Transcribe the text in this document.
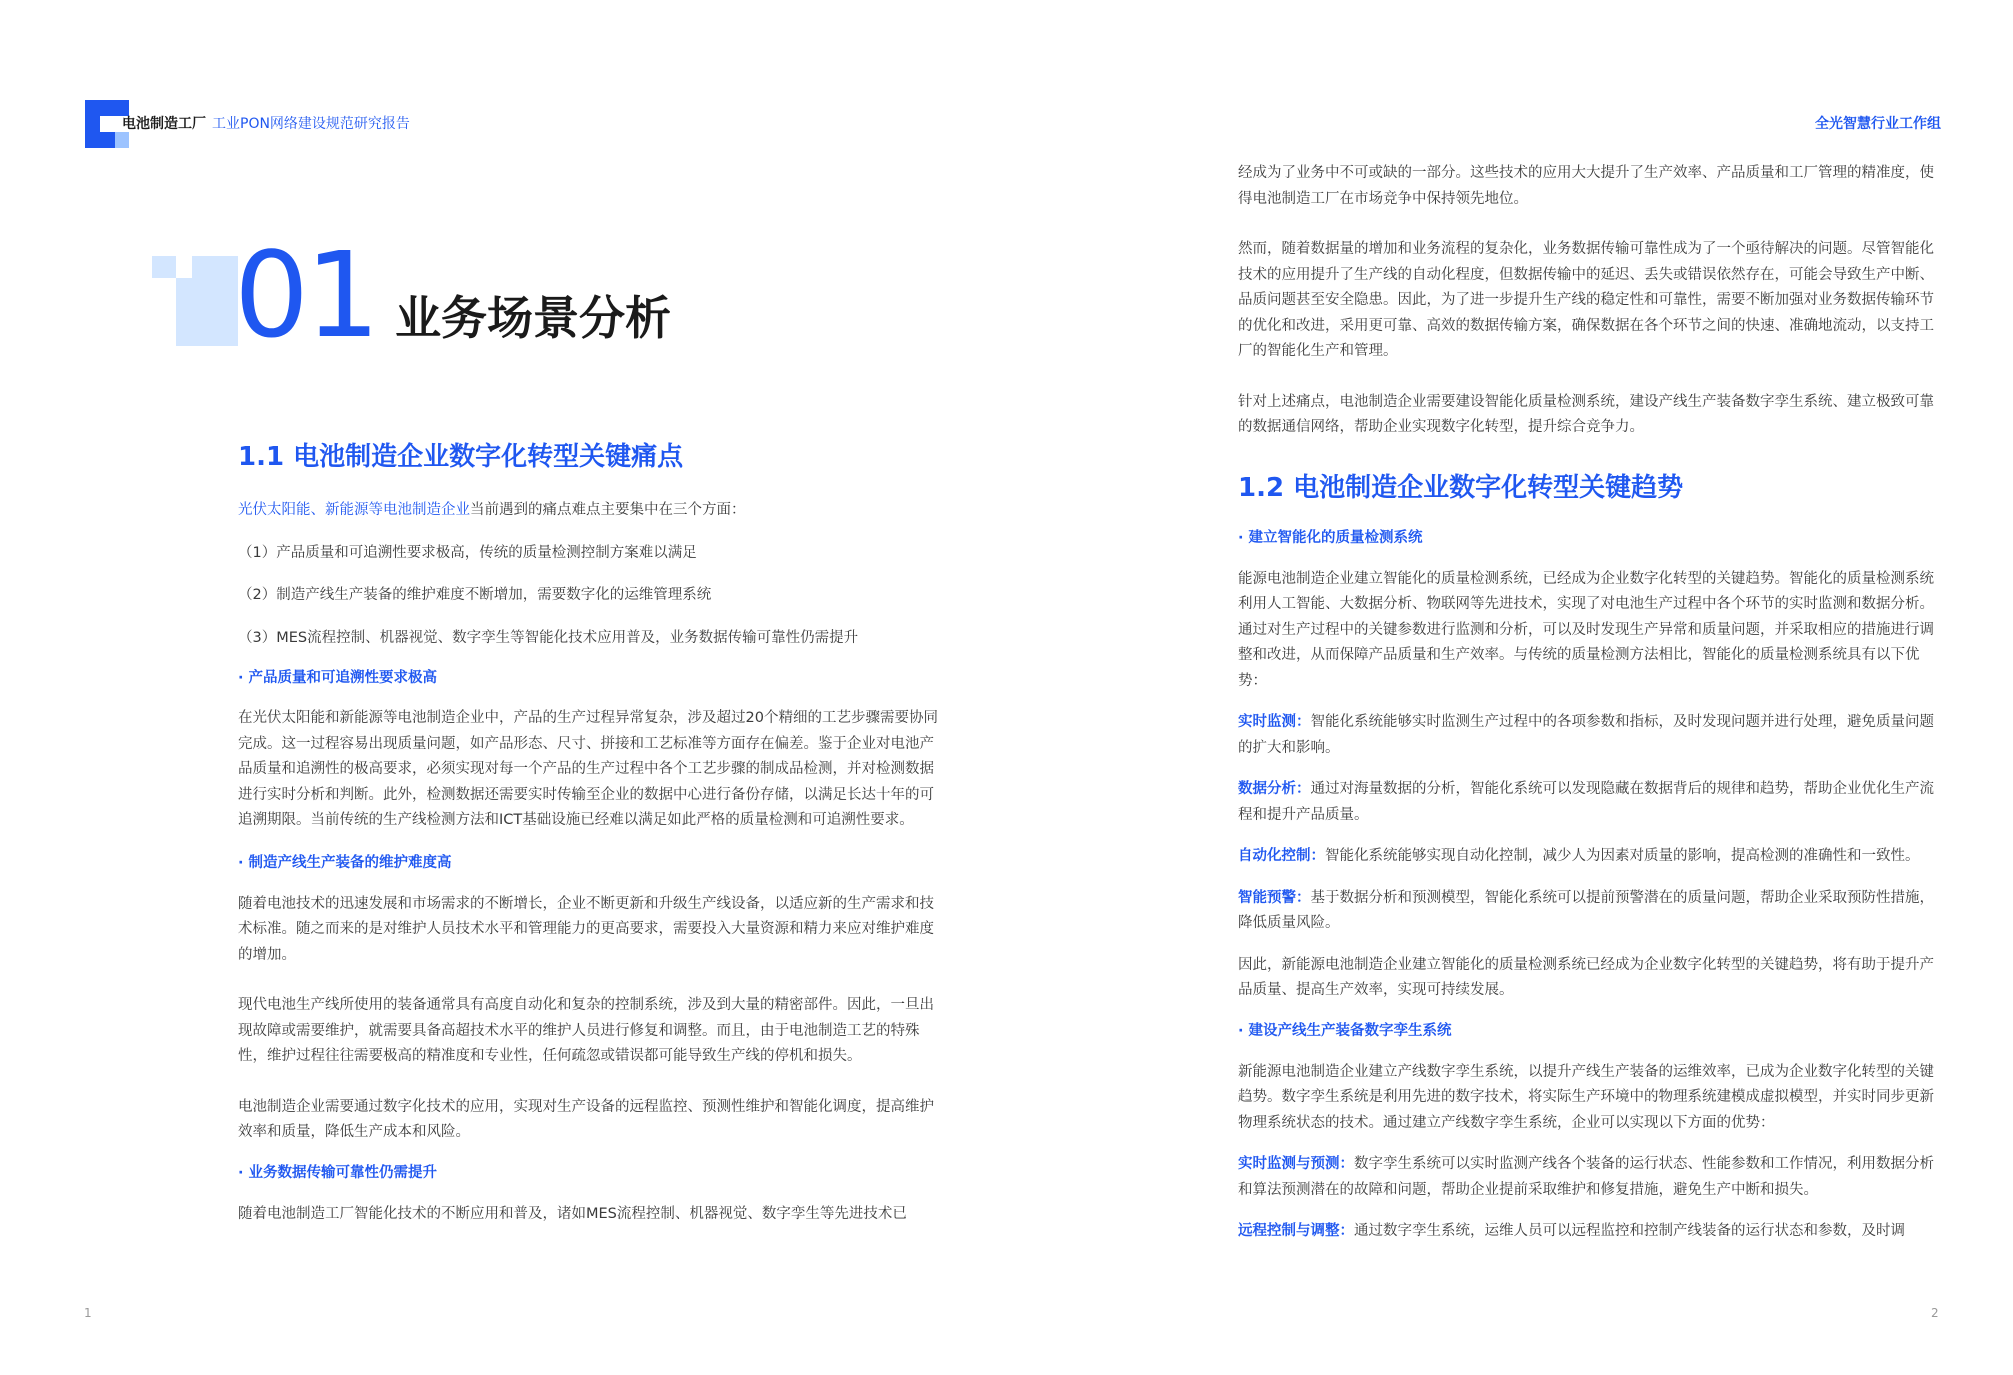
电池制造工厂 工业PON网络建设规范研究报告	全光智慧行业工作组
01 业务场景分析

1.1 电池制造企业数字化转型关键痛点

光伏太阳能、新能源等电池制造企业当前遇到的痛点难点主要集中在三个方面：

（1）产品质量和可追溯性要求极高，传统的质量检测控制方案难以满足

（2）制造产线生产装备的维护难度不断增加，需要数字化的运维管理系统

（3）MES流程控制、机器视觉、数字孪生等智能化技术应用普及，业务数据传输可靠性仍需提升

· 产品质量和可追溯性要求极高

在光伏太阳能和新能源等电池制造企业中，产品的生产过程异常复杂，涉及超过20个精细的工艺步骤需要协同完成。这一过程容易出现质量问题，如产品形态、尺寸、拼接和工艺标准等方面存在偏差。鉴于企业对电池产品质量和追溯性的极高要求，必须实现对每一个产品的生产过程中各个工艺步骤的制成品检测，并对检测数据进行实时分析和判断。此外，检测数据还需要实时传输至企业的数据中心进行备份存储，以满足长达十年的可追溯期限。当前传统的生产线检测方法和ICT基础设施已经难以满足如此严格的质量检测和可追溯性要求。

· 制造产线生产装备的维护难度高

随着电池技术的迅速发展和市场需求的不断增长，企业不断更新和升级生产线设备，以适应新的生产需求和技术标准。随之而来的是对维护人员技术水平和管理能力的更高要求，需要投入大量资源和精力来应对维护难度的增加。

现代电池生产线所使用的装备通常具有高度自动化和复杂的控制系统，涉及到大量的精密部件。因此，一旦出现故障或需要维护，就需要具备高超技术水平的维护人员进行修复和调整。而且，由于电池制造工艺的特殊性，维护过程往往需要极高的精准度和专业性，任何疏忽或错误都可能导致生产线的停机和损失。

电池制造企业需要通过数字化技术的应用，实现对生产设备的远程监控、预测性维护和智能化调度，提高维护效率和质量，降低生产成本和风险。

· 业务数据传输可靠性仍需提升

随着电池制造工厂智能化技术的不断应用和普及，诸如MES流程控制、机器视觉、数字孪生等先进技术已

经成为了业务中不可或缺的一部分。这些技术的应用大大提升了生产效率、产品质量和工厂管理的精准度，使得电池制造工厂在市场竞争中保持领先地位。

然而，随着数据量的增加和业务流程的复杂化，业务数据传输可靠性成为了一个亟待解决的问题。尽管智能化技术的应用提升了生产线的自动化程度，但数据传输中的延迟、丢失或错误依然存在，可能会导致生产中断、品质问题甚至安全隐患。因此，为了进一步提升生产线的稳定性和可靠性，需要不断加强对业务数据传输环节的优化和改进，采用更可靠、高效的数据传输方案，确保数据在各个环节之间的快速、准确地流动，以支持工厂的智能化生产和管理。

针对上述痛点，电池制造企业需要建设智能化质量检测系统，建设产线生产装备数字孪生系统、建立极致可靠的数据通信网络，帮助企业实现数字化转型，提升综合竞争力。

1.2 电池制造企业数字化转型关键趋势

· 建立智能化的质量检测系统

能源电池制造企业建立智能化的质量检测系统，已经成为企业数字化转型的关键趋势。智能化的质量检测系统利用人工智能、大数据分析、物联网等先进技术，实现了对电池生产过程中各个环节的实时监测和数据分析。通过对生产过程中的关键参数进行监测和分析，可以及时发现生产异常和质量问题，并采取相应的措施进行调整和改进，从而保障产品质量和生产效率。与传统的质量检测方法相比，智能化的质量检测系统具有以下优势：

实时监测：智能化系统能够实时监测生产过程中的各项参数和指标，及时发现问题并进行处理，避免质量问题的扩大和影响。

数据分析：通过对海量数据的分析，智能化系统可以发现隐藏在数据背后的规律和趋势，帮助企业优化生产流程和提升产品质量。

自动化控制：智能化系统能够实现自动化控制，减少人为因素对质量的影响，提高检测的准确性和一致性。

智能预警：基于数据分析和预测模型，智能化系统可以提前预警潜在的质量问题，帮助企业采取预防性措施，降低质量风险。

因此，新能源电池制造企业建立智能化的质量检测系统已经成为企业数字化转型的关键趋势，将有助于提升产品质量、提高生产效率，实现可持续发展。

· 建设产线生产装备数字孪生系统

新能源电池制造企业建立产线数字孪生系统，以提升产线生产装备的运维效率，已成为企业数字化转型的关键趋势。数字孪生系统是利用先进的数字技术，将实际生产环境中的物理系统建模成虚拟模型，并实时同步更新物理系统状态的技术。通过建立产线数字孪生系统，企业可以实现以下方面的优势：

实时监测与预测：数字孪生系统可以实时监测产线各个装备的运行状态、性能参数和工作情况，利用数据分析和算法预测潜在的故障和问题，帮助企业提前采取维护和修复措施，避免生产中断和损失。

远程控制与调整：通过数字孪生系统，运维人员可以远程监控和控制产线装备的运行状态和参数，及时调

1	2
